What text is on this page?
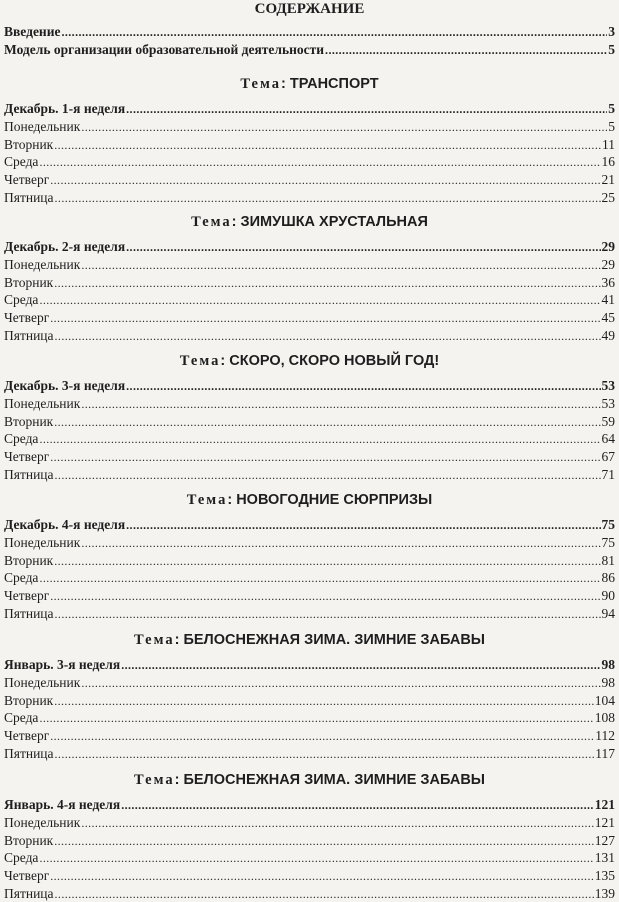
СОДЕРЖАНИЕ
Введение .....	3
Модель организации образовательной деятельности .....	5
Тема: ТРАНСПОРТ
Декабрь. 1-я неделя .....	5
Понедельник .....	5
Вторник .....	11
Среда .....	16
Четверг .....	21
Пятница .....	25
Тема: ЗИМУШКА ХРУСТАЛЬНАЯ
Декабрь. 2-я неделя .....	29
Понедельник .....	29
Вторник .....	36
Среда .....	41
Четверг .....	45
Пятница .....	49
Тема: СКОРО, СКОРО НОВЫЙ ГОД!
Декабрь. 3-я неделя .....	53
Понедельник .....	53
Вторник .....	59
Среда .....	64
Четверг .....	67
Пятница .....	71
Тема: НОВОГОДНИЕ СЮРПРИЗЫ
Декабрь. 4-я неделя .....	75
Понедельник .....	75
Вторник .....	81
Среда .....	86
Четверг .....	90
Пятница .....	94
Тема: БЕЛОСНЕЖНАЯ ЗИМА. ЗИМНИЕ ЗАБАВЫ
Январь. 3-я неделя .....	98
Понедельник .....	98
Вторник .....	104
Среда .....	108
Четверг .....	112
Пятница .....	117
Тема: БЕЛОСНЕЖНАЯ ЗИМА. ЗИМНИЕ ЗАБАВЫ
Январь. 4-я неделя .....	121
Понедельник .....	121
Вторник .....	127
Среда .....	131
Четверг .....	135
Пятница .....	139
